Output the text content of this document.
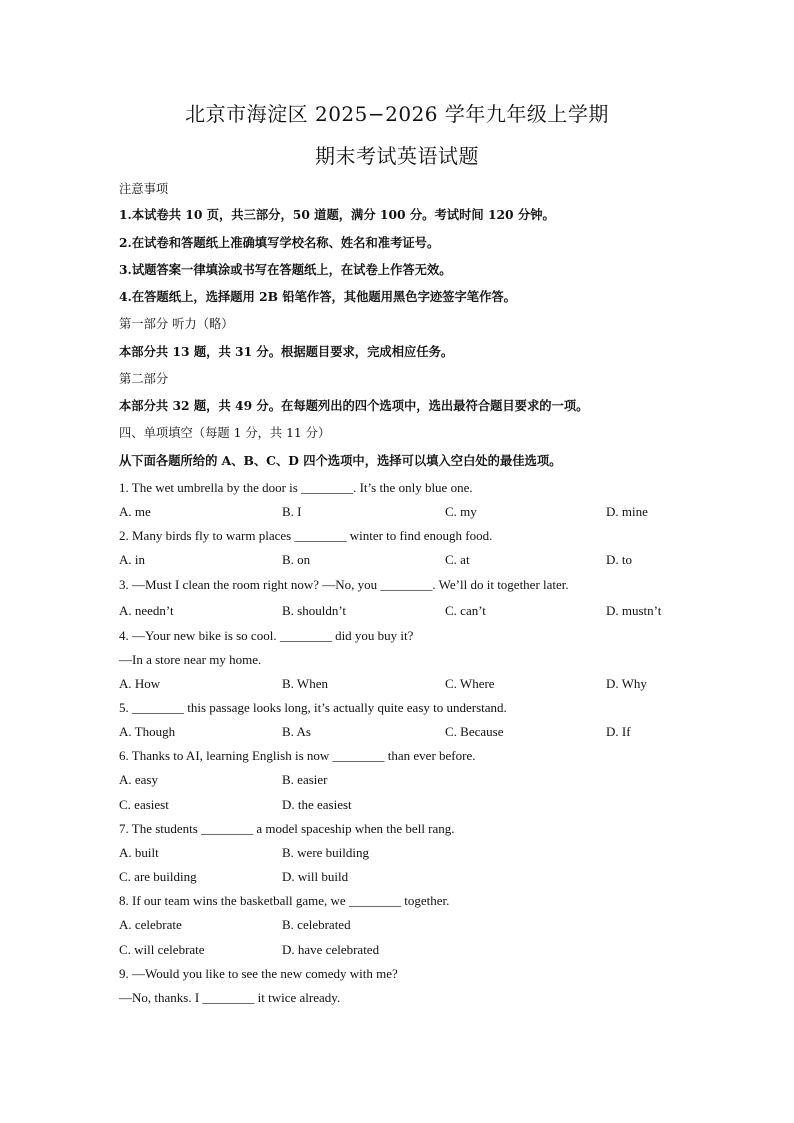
北京市海淀区 2025−2026 学年九年级上学期
期末考试英语试题
注意事项
1.本试卷共 10 页，共三部分，50 道题，满分 100 分。考试时间 120 分钟。
2.在试卷和答题纸上准确填写学校名称、姓名和准考证号。
3.试题答案一律填涂或书写在答题纸上，在试卷上作答无效。
4.在答题纸上，选择题用 2B 铅笔作答，其他题用黑色字迹签字笔作答。
第一部分 听力（略）
本部分共 13 题，共 31 分。根据题目要求，完成相应任务。
第二部分
本部分共 32 题，共 49 分。在每题列出的四个选项中，选出最符合题目要求的一项。
四、单项填空（每题 1 分，共 11 分）
从下面各题所给的 A、B、C、D 四个选项中，选择可以填入空白处的最佳选项。
1. The wet umbrella by the door is ________. It’s the only blue one.
A. me	B. I	C. my	D. mine
2. Many birds fly to warm places ________ winter to find enough food.
A. in	B. on	C. at	D. to
3. —Must I clean the room right now? —No, you ________. We’ll do it together later.
A. needn’t	B. shouldn’t	C. can’t	D. mustn’t
4. —Your new bike is so cool. ________ did you buy it?
—In a store near my home.
A. How	B. When	C. Where	D. Why
5. ________ this passage looks long, it’s actually quite easy to understand.
A. Though	B. As	C. Because	D. If
6. Thanks to AI, learning English is now ________ than ever before.
A. easy	B. easier
C. easiest	D. the easiest
7. The students ________ a model spaceship when the bell rang.
A. built	B. were building
C. are building	D. will build
8. If our team wins the basketball game, we ________ together.
A. celebrate	B. celebrated
C. will celebrate	D. have celebrated
9. —Would you like to see the new comedy with me?
—No, thanks. I ________ it twice already.
